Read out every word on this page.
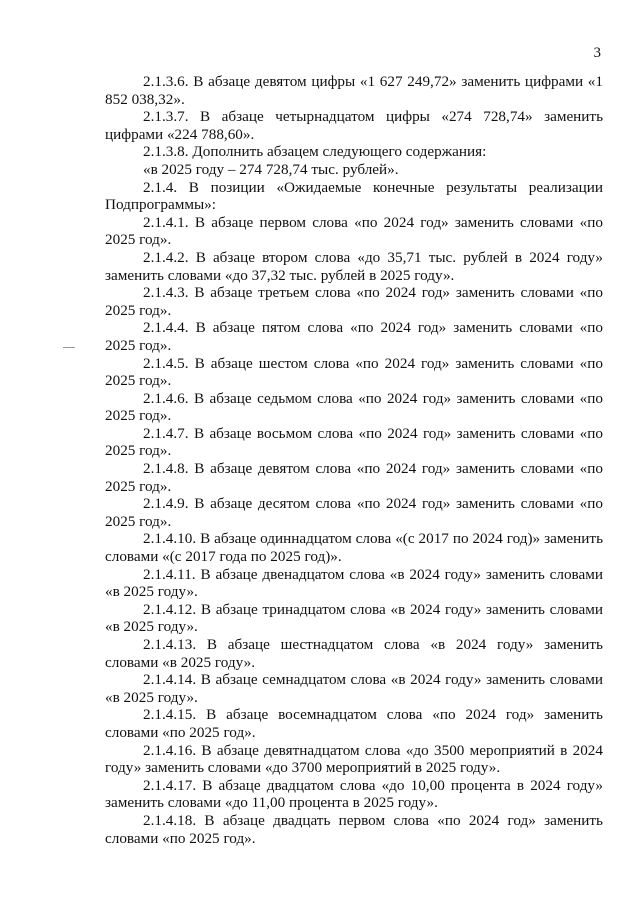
3

2.1.3.6. В абзаце девятом цифры «1 627 249,72» заменить цифрами «1 852 038,32».

2.1.3.7. В абзаце четырнадцатом цифры «274 728,74» заменить цифрами «224 788,60».

2.1.3.8. Дополнить абзацем следующего содержания:

«в 2025 году – 274 728,74 тыс. рублей».

2.1.4. В позиции «Ожидаемые конечные результаты реализации Подпрограммы»:

2.1.4.1. В абзаце первом слова «по 2024 год» заменить словами «по 2025 год».

2.1.4.2. В абзаце втором слова «до 35,71 тыс. рублей в 2024 году» заменить словами «до 37,32 тыс. рублей в 2025 году».

2.1.4.3. В абзаце третьем слова «по 2024 год» заменить словами «по 2025 год».

2.1.4.4. В абзаце пятом слова «по 2024 год» заменить словами «по 2025 год».

2.1.4.5. В абзаце шестом слова «по 2024 год» заменить словами «по 2025 год».

2.1.4.6. В абзаце седьмом слова «по 2024 год» заменить словами «по 2025 год».

2.1.4.7. В абзаце восьмом слова «по 2024 год» заменить словами «по 2025 год».

2.1.4.8. В абзаце девятом слова «по 2024 год» заменить словами «по 2025 год».

2.1.4.9. В абзаце десятом слова «по 2024 год» заменить словами «по 2025 год».

2.1.4.10. В абзаце одиннадцатом слова «(с 2017 по 2024 год)» заменить словами «(с 2017 года по 2025 год)».

2.1.4.11. В абзаце двенадцатом слова «в 2024 году» заменить словами «в 2025 году».

2.1.4.12. В абзаце тринадцатом слова «в 2024 году» заменить словами «в 2025 году».

2.1.4.13. В абзаце шестнадцатом слова «в 2024 году» заменить словами «в 2025 году».

2.1.4.14. В абзаце семнадцатом слова «в 2024 году» заменить словами «в 2025 году».

2.1.4.15. В абзаце восемнадцатом слова «по 2024 год» заменить словами «по 2025 год».

2.1.4.16. В абзаце девятнадцатом слова «до 3500 мероприятий в 2024 году» заменить словами «до 3700 мероприятий в 2025 году».

2.1.4.17. В абзаце двадцатом слова «до 10,00 процента в 2024 году» заменить словами «до 11,00 процента в 2025 году».

2.1.4.18. В абзаце двадцать первом слова «по 2024 год» заменить словами «по 2025 год».
